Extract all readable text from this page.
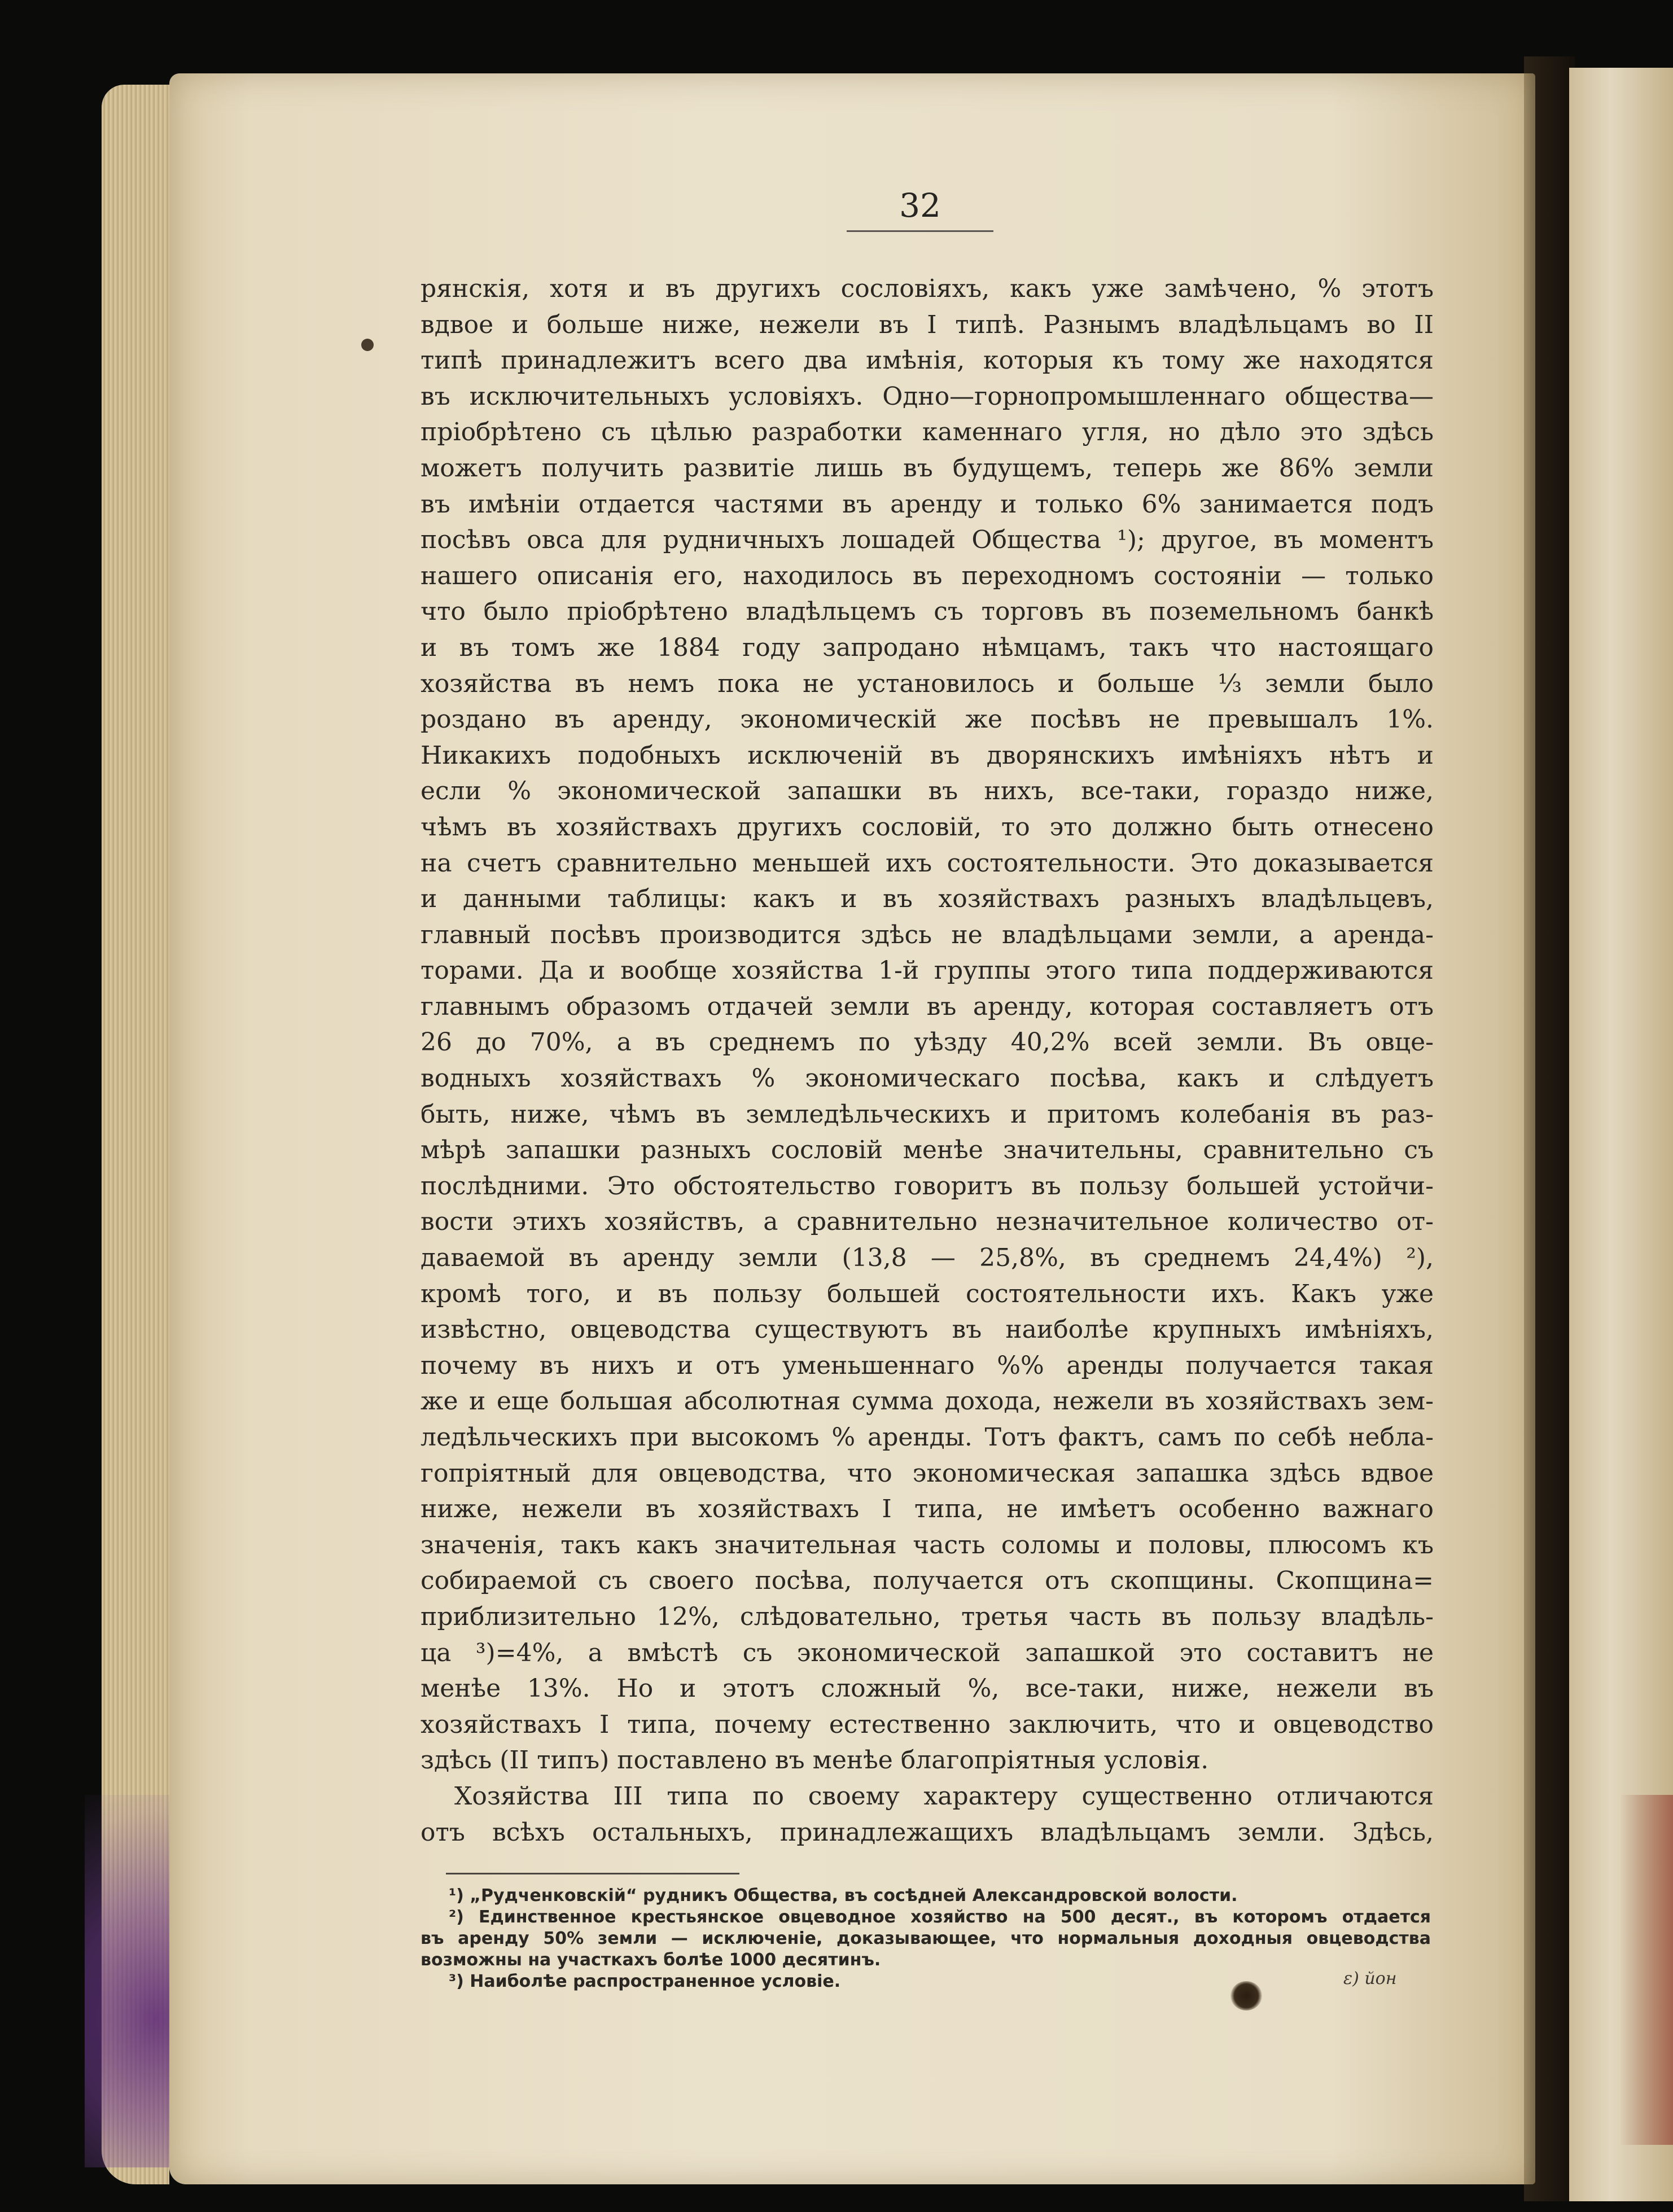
32
рянскія, хотя и въ другихъ сословіяхъ, какъ уже замѣчено, % этотъ
вдвое и больше ниже, нежели въ I типѣ. Разнымъ владѣльцамъ во II
типѣ принадлежитъ всего два имѣнія, которыя къ тому же находятся
въ исключительныхъ условіяхъ. Одно—горнопромышленнаго общества—
пріобрѣтено съ цѣлью разработки каменнаго угля, но дѣло это здѣсь
можетъ получить развитіе лишь въ будущемъ, теперь же 86% земли
въ имѣніи отдается частями въ аренду и только 6% занимается подъ
посѣвъ овса для рудничныхъ лошадей Общества ¹); другое, въ моментъ
нашего описанія его, находилось въ переходномъ состояніи — только
что было пріобрѣтено владѣльцемъ съ торговъ въ поземельномъ банкѣ
и въ томъ же 1884 году запродано нѣмцамъ, такъ что настоящаго
хозяйства въ немъ пока не установилось и больше ⅓ земли было
роздано въ аренду, экономическій же посѣвъ не превышалъ 1%.
Никакихъ подобныхъ исключеній въ дворянскихъ имѣніяхъ нѣтъ и
если % экономической запашки въ нихъ, все-таки, гораздо ниже,
чѣмъ въ хозяйствахъ другихъ сословій, то это должно быть отнесено
на счетъ сравнительно меньшей ихъ состоятельности. Это доказывается
и данными таблицы: какъ и въ хозяйствахъ разныхъ владѣльцевъ,
главный посѣвъ производится здѣсь не владѣльцами земли, а аренда-
торами. Да и вообще хозяйства 1-й группы этого типа поддерживаются
главнымъ образомъ отдачей земли въ аренду, которая составляетъ отъ
26 до 70%, а въ среднемъ по уѣзду 40,2% всей земли. Въ овце-
водныхъ хозяйствахъ % экономическаго посѣва, какъ и слѣдуетъ
быть, ниже, чѣмъ въ земледѣльческихъ и притомъ колебанія въ раз-
мѣрѣ запашки разныхъ сословій менѣе значительны, сравнительно съ
послѣдними. Это обстоятельство говоритъ въ пользу большей устойчи-
вости этихъ хозяйствъ, а сравнительно незначительное количество от-
даваемой въ аренду земли (13,8 — 25,8%, въ среднемъ 24,4%) ²),
кромѣ того, и въ пользу большей состоятельности ихъ. Какъ уже
извѣстно, овцеводства существуютъ въ наиболѣе крупныхъ имѣніяхъ,
почему въ нихъ и отъ уменьшеннаго %% аренды получается такая
же и еще большая абсолютная сумма дохода, нежели въ хозяйствахъ зем-
ледѣльческихъ при высокомъ % аренды. Тотъ фактъ, самъ по себѣ небла-
гопріятный для овцеводства, что экономическая запашка здѣсь вдвое
ниже, нежели въ хозяйствахъ I типа, не имѣетъ особенно важнаго
значенія, такъ какъ значительная часть соломы и половы, плюсомъ къ
собираемой съ своего посѣва, получается отъ скопщины. Скопщина=
приблизительно 12%, слѣдовательно, третья часть въ пользу владѣль-
ца ³)=4%, а вмѣстѣ съ экономической запашкой это составитъ не
менѣе 13%. Но и этотъ сложный %, все-таки, ниже, нежели въ
хозяйствахъ I типа, почему естественно заключить, что и овцеводство
здѣсь (II типъ) поставлено въ менѣе благопріятныя условія.
Хозяйства III типа по своему характеру существенно отличаются
отъ всѣхъ остальныхъ, принадлежащихъ владѣльцамъ земли. Здѣсь,
¹) „Рудченковскій“ рудникъ Общества, въ сосѣдней Александровской волости.
²) Единственное крестьянское овцеводное хозяйство на 500 десят., въ которомъ отдается
въ аренду 50% земли — исключеніе, доказывающее, что нормальныя доходныя овцеводства
возможны на участкахъ болѣе 1000 десятинъ.
³) Наиболѣе распространенное условіе.	ɛ) йон
